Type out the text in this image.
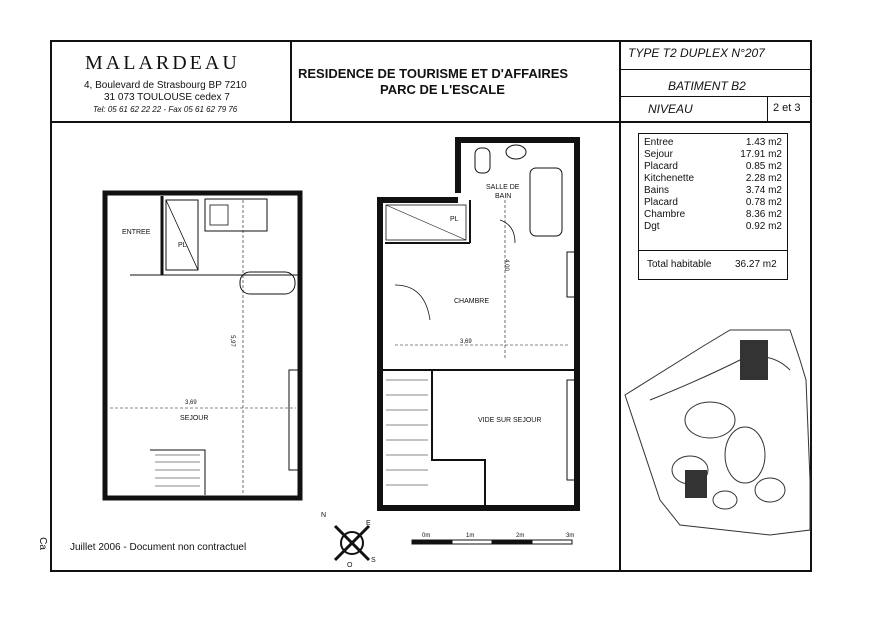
MALARDEAU
4, Boulevard de Strasbourg BP 7210
31 073 TOULOUSE cedex 7
Tel: 05 61 62 22 22 - Fax 05 61 62 79 76
RESIDENCE DE TOURISME ET D'AFFAIRES
PARC DE L'ESCALE
TYPE T2 DUPLEX N°207
BATIMENT B2
NIVEAU	2 et 3
Entree	1.43 m2
Sejour	17.91 m2
Placard	0.85 m2
Kitchenette	2.28 m2
Bains	3.74 m2
Placard	0.78 m2
Chambre	8.36 m2
Dgt	0.92 m2
Total habitable 36.27 m2
ENTREE
PL
SEJOUR
3,69
5,97
SALLE DE
BAIN
PL
CHAMBRE
3,69
4,00
VIDE SUR SEJOUR
N
E
S
O
0m	1m	2m	3m
Juillet 2006 - Document non contractuel
Ca
